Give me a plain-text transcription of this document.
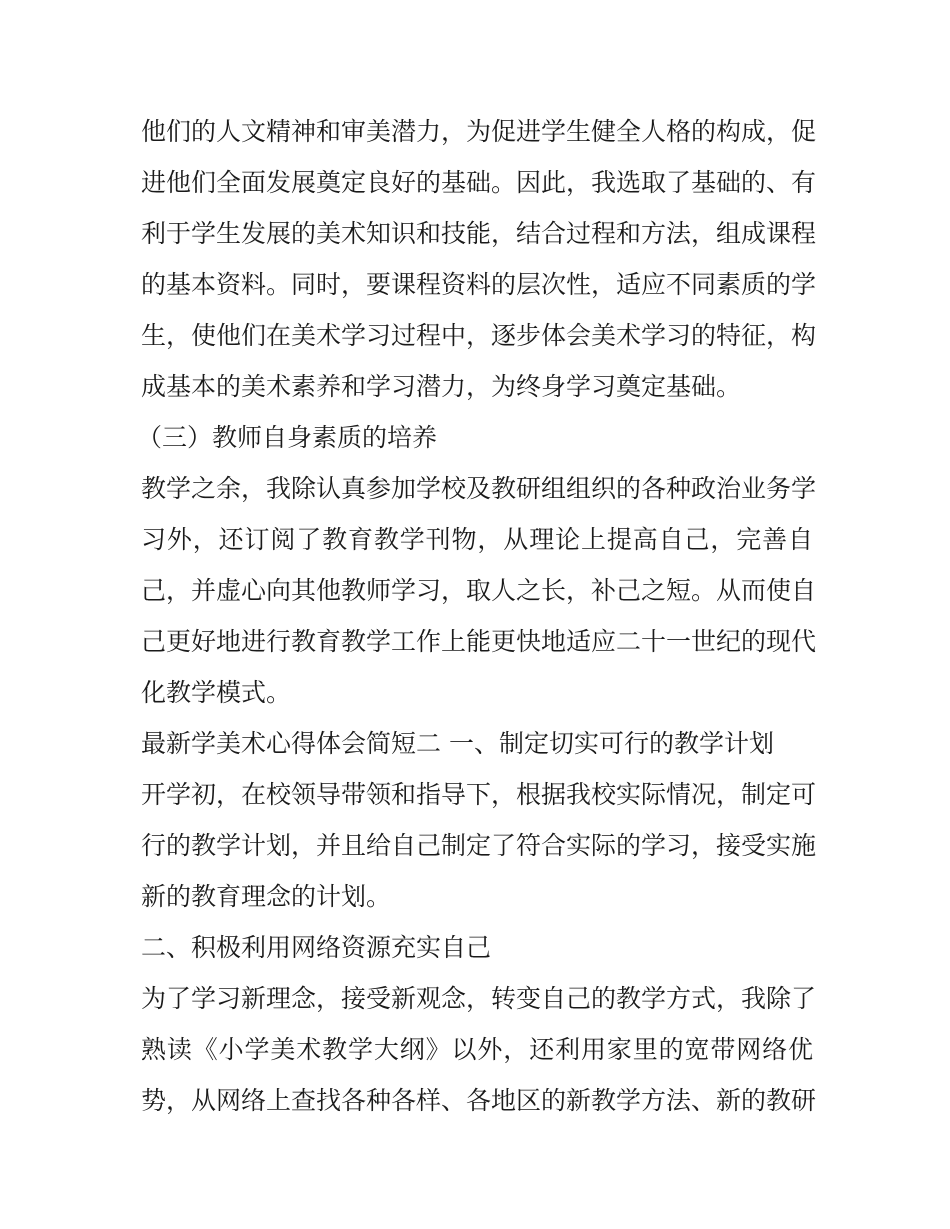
他们的人文精神和审美潜力，为促进学生健全人格的构成，促
进他们全面发展奠定良好的基础。因此，我选取了基础的、有
利于学生发展的美术知识和技能，结合过程和方法，组成课程
的基本资料。同时，要课程资料的层次性，适应不同素质的学
生，使他们在美术学习过程中，逐步体会美术学习的特征，构
成基本的美术素养和学习潜力，为终身学习奠定基础。
（三）教师自身素质的培养
教学之余，我除认真参加学校及教研组组织的各种政治业务学
习外，还订阅了教育教学刊物，从理论上提高自己，完善自
己，并虚心向其他教师学习，取人之长，补己之短。从而使自
己更好地进行教育教学工作上能更快地适应二十一世纪的现代
化教学模式。
最新学美术心得体会简短二 一、制定切实可行的教学计划
开学初，在校领导带领和指导下，根据我校实际情况，制定可
行的教学计划，并且给自己制定了符合实际的学习，接受实施
新的教育理念的计划。
二、积极利用网络资源充实自己
为了学习新理念，接受新观念，转变自己的教学方式，我除了
熟读《小学美术教学大纲》以外，还利用家里的宽带网络优
势，从网络上查找各种各样、各地区的新教学方法、新的教研
